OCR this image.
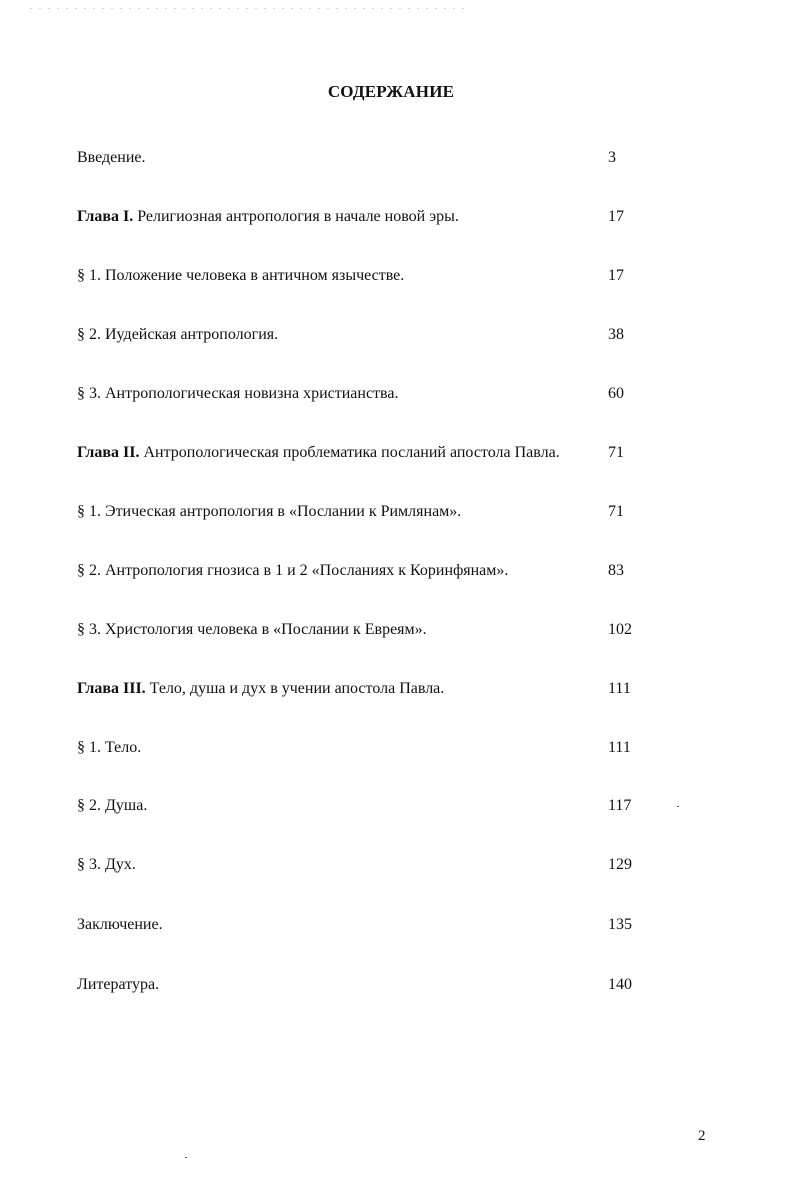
СОДЕРЖАНИЕ
Введение.	3
Глава I. Религиозная антропология в начале новой эры.	17
§ 1. Положение человека в античном язычестве.	17
§ 2. Иудейская антропология.	38
§ 3. Антропологическая новизна христианства.	60
Глава II. Антропологическая проблематика посланий апостола Павла.	71
§ 1. Этическая антропология в «Послании к Римлянам».	71
§ 2. Антропология гнозиса в 1 и 2 «Посланиях к Коринфянам».	83
§ 3. Христология человека в «Послании к Евреям».	102
Глава III. Тело, душа и дух в учении апостола Павла.	111
§ 1. Тело.	111
§ 2. Душа.	117
§ 3. Дух.	129
Заключение.	135
Литература.	140
2
